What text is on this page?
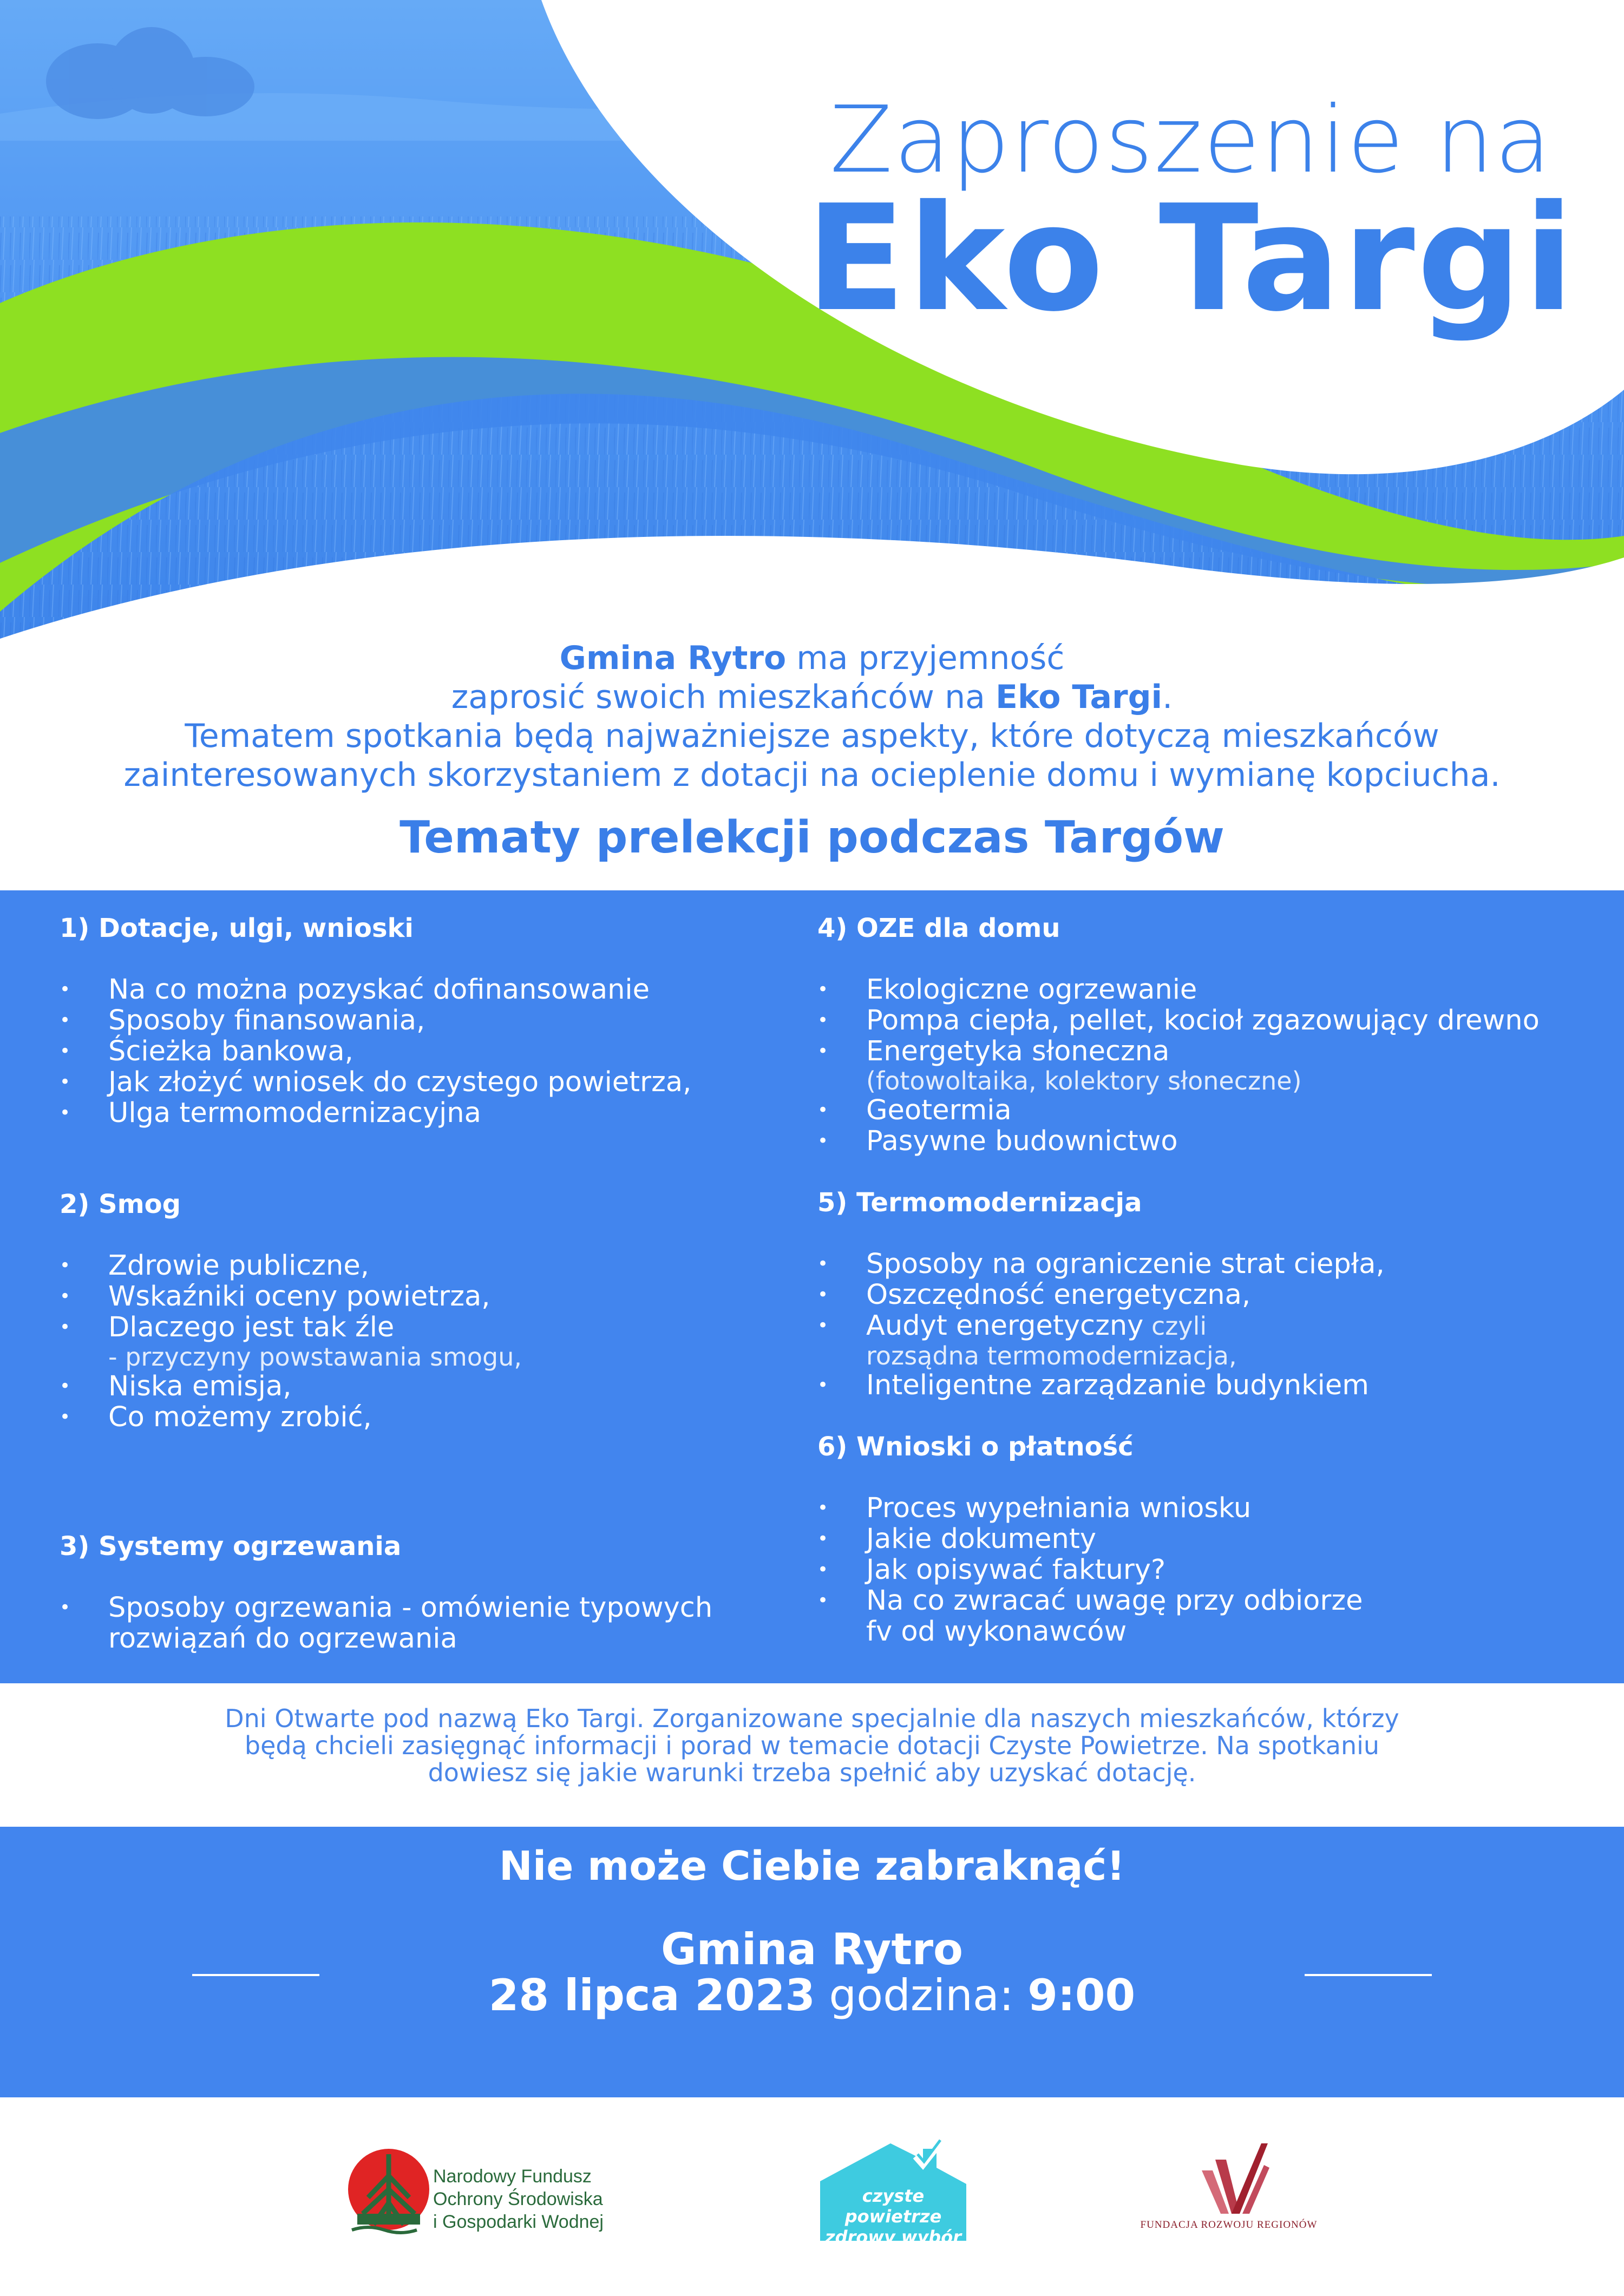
Zaproszenie na
Eko Targi
Gmina Rytro ma przyjemność
zaprosić swoich mieszkańców na Eko Targi.
Tematem spotkania będą najważniejsze aspekty, które dotyczą mieszkańców
zainteresowanych skorzystaniem z dotacji na ocieplenie domu i wymianę kopciucha.
Tematy prelekcji podczas Targów
1) Dotacje, ulgi, wnioski
• Na co można pozyskać dofinansowanie
• Sposoby finansowania,
• Ścieżka bankowa,
• Jak złożyć wniosek do czystego powietrza,
• Ulga termomodernizacyjna
2) Smog
• Zdrowie publiczne,
• Wskaźniki oceny powietrza,
• Dlaczego jest tak źle
- przyczyny powstawania smogu,
• Niska emisja,
• Co możemy zrobić,
3) Systemy ogrzewania
• Sposoby ogrzewania - omówienie typowych
rozwiązań do ogrzewania
4) OZE dla domu
• Ekologiczne ogrzewanie
• Pompa ciepła, pellet, kocioł zgazowujący drewno
• Energetyka słoneczna
(fotowoltaika, kolektory słoneczne)
• Geotermia
• Pasywne budownictwo
5) Termomodernizacja
• Sposoby na ograniczenie strat ciepła,
• Oszczędność energetyczna,
• Audyt energetyczny czyli
rozsądna termomodernizacja,
• Inteligentne zarządzanie budynkiem
6) Wnioski o płatność
• Proces wypełniania wniosku
• Jakie dokumenty
• Jak opisywać faktury?
• Na co zwracać uwagę przy odbiorze
fv od wykonawców
Dni Otwarte pod nazwą Eko Targi. Zorganizowane specjalnie dla naszych mieszkańców, którzy
będą chcieli zasięgnąć informacji i porad w temacie dotacji Czyste Powietrze. Na spotkaniu
dowiesz się jakie warunki trzeba spełnić aby uzyskać dotację.
Nie może Ciebie zabraknąć!
Gmina Rytro
28 lipca 2023 godzina: 9:00
Narodowy Fundusz
Ochrony Środowiska
i Gospodarki Wodnej
czyste powietrze
zdrowy wybór
FUNDACJA ROZWOJU REGIONÓW
